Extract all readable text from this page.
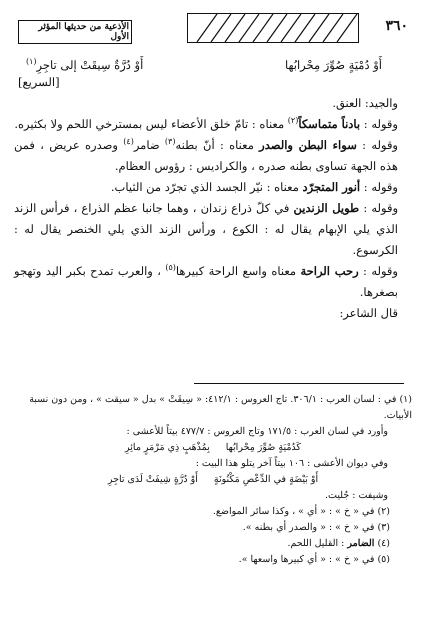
٣٦٠
الأذعية من حديثها المؤثر الأول
أَوْ دُمْيَةٍ صُوِّرَ مِحْرابُها
أَوْ دُرَّةٌ سِيقَتْ إلى تاجِرِ$^{(١)}$
[السريع]

والجيد: العنق.

وقوله : بادناً متماسكاً$^{(٢)}$ معناه : تامّ خلق الأعضاء ليس بمسترخي اللحم ولا بكثيره.

وقوله : سواء البطن والصدر معناه : أنّ بطنه$^{(٣)}$ ضامر$^{(٤)}$ وصدره عريض ، فمن هذه الجهة تساوى بطنه صدره ، والكراديس : رؤوس العظام.

وقوله : أنور المتجرّد معناه : نيّر الجسد الذي تجرّد من الثياب.

وقوله : طويل الزندين في كلّ ذراع زندان ، وهما جانبا عظم الذراع ، فرأس الزند الذي يلي الإبهام يقال له : الكوع ، ورأس الزند الذي يلي الخنصر يقال له : الكرسوع.

وقوله : رحب الراحة معناه واسع الراحة كبيرها$^{(٥)}$ ، والعرب تمدح بكبر اليد وتهجو بصغرها.

قال الشاعر:

(١) في : لسان العرب : ٣٠٦/١. تاج العروس : ٤١٢/١: « سِيقَتْ » بدل « سيقت » ، ومن دون نسبة الأبيات.

وأورد في لسان العرب : ١٧١/٥ وتاج العروس : ٤٧٧/٧ بيتاً للأعشى :

كَدُمْيَةٍ صُوِّرَ مِحْرابُها
بِمُذْهَبٍ ذِي مَرْمَرٍ مائِرِ

وفي ديوان الأعشى : ١٠٦ بيتاً آخر يتلو هذا البيت :

أَوْ بَيْضَةٍ في الدِّعْصِ مَكْنُونَةٍ
أَوْ دُرَّةٍ شِيفَتْ لَدَى تاجِرِ

وشيفت : جُليت.

(٢) في « خ » : « أي » ، وكذا سائر المواضع.

(٣) في « خ » : « والصدر أي بطنه ».

(٤) الضامر : القليل اللحم.

(٥) في « خ » : « أي كبيرها واسعها ».
